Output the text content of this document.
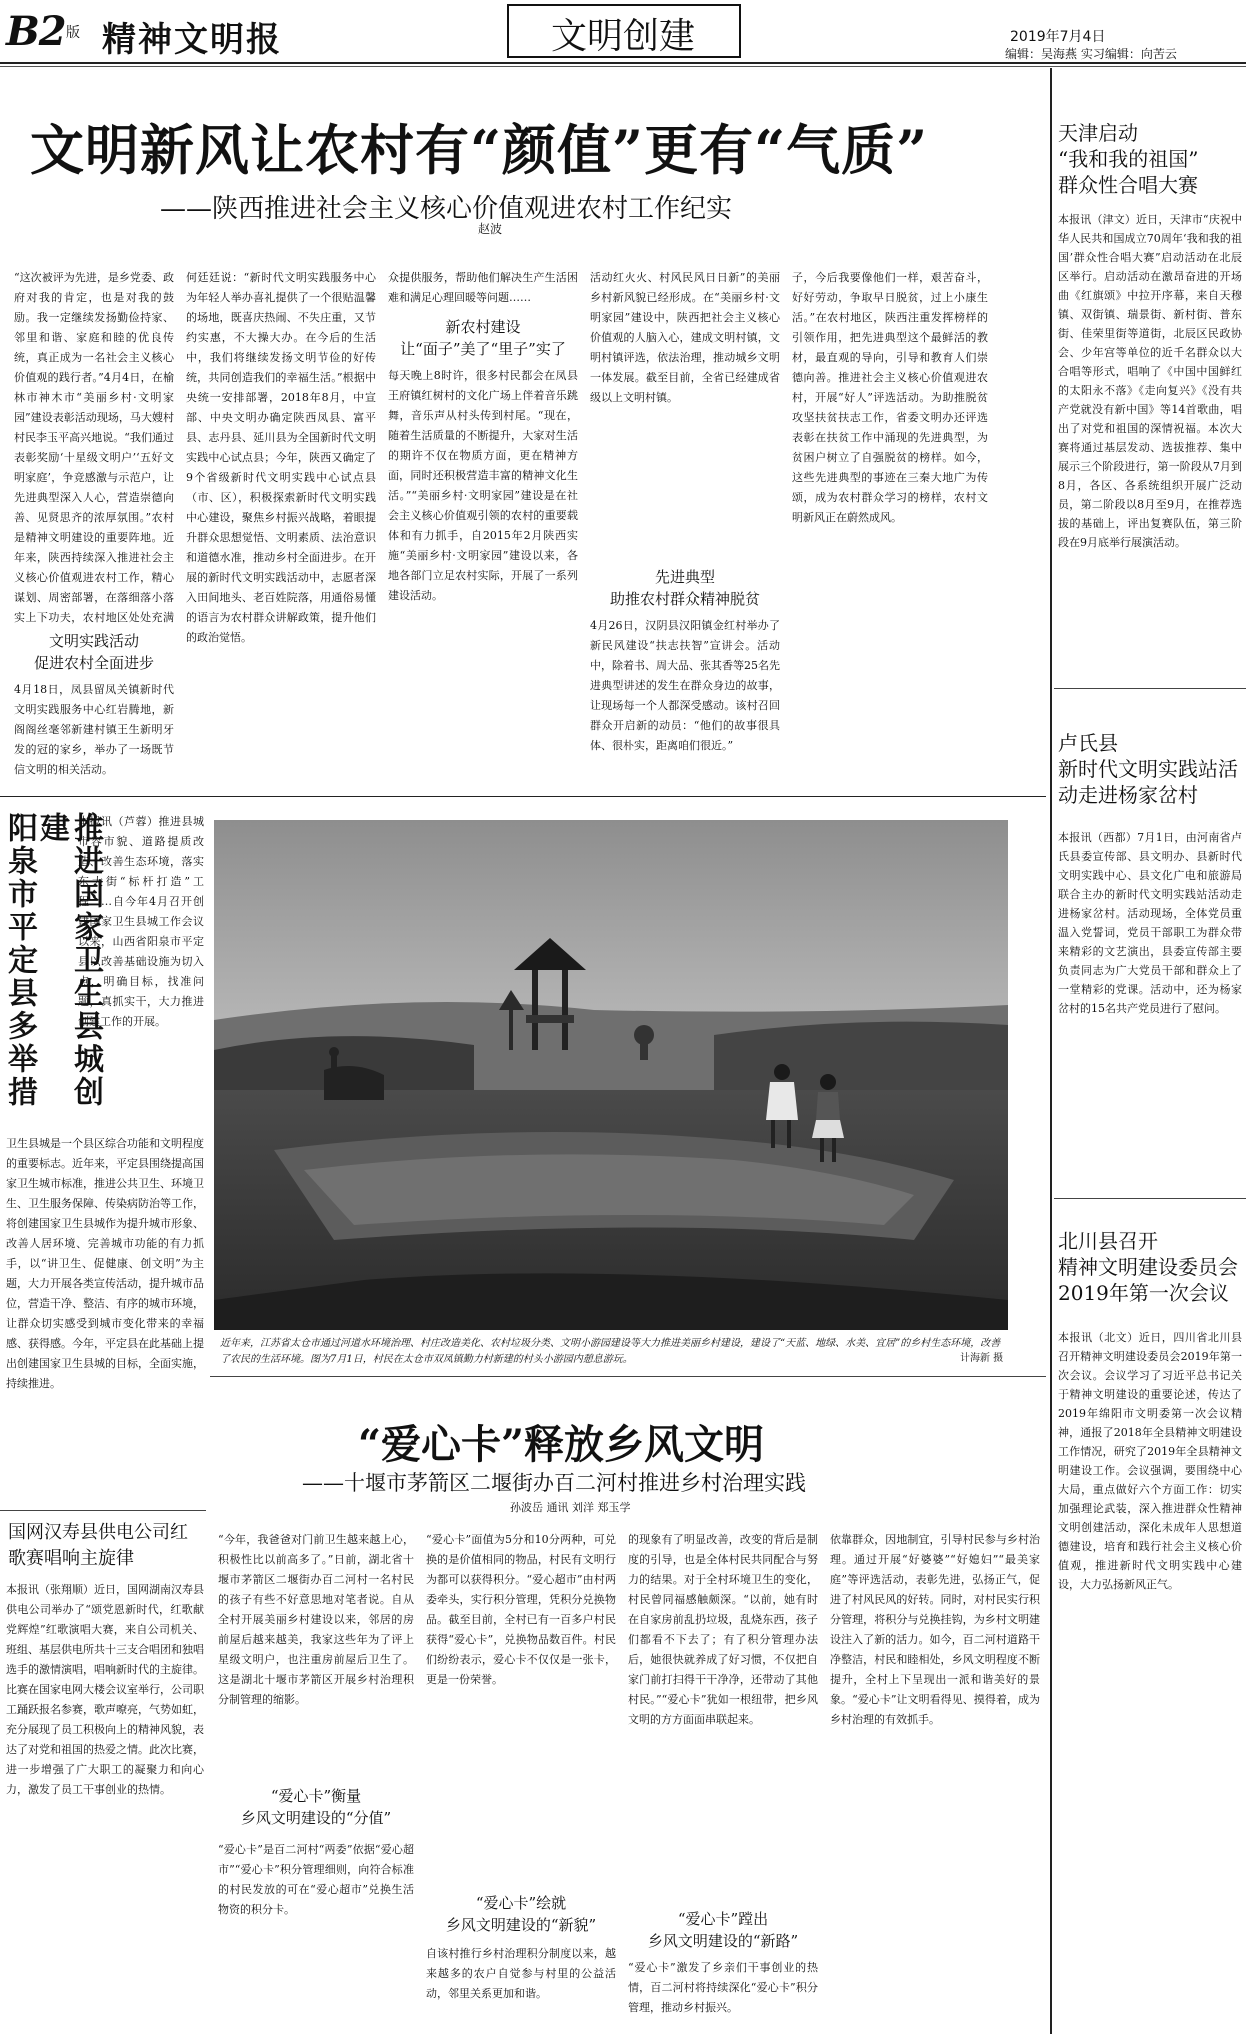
B2 版 精神文明报	文明创建	2019年7月4日
编辑：吴海燕 实习编辑：向苦云
文明新风让农村有“颜值”更有“气质”
——陕西推进社会主义核心价值观进农村工作纪实
赵波
“这次被评为先进，是乡党委、政府对我的肯定，也是对我的鼓励。我一定继续发扬勤俭持家、邻里和谐、家庭和睦的优良传统，真正成为一名社会主义核心价值观的践行者。”4月4日，在榆林市神木市“美丽乡村·文明家园”建设表彰活动现场，马大嫂村村民李玉平高兴地说。“我们通过表彰奖励‘十星级文明户’‘五好文明家庭’，争竞感激与示范户，让先进典型深入人心，营造崇德向善、见贤思齐的浓厚氛围。”农村是精神文明建设的重要阵地。近年来，陕西持续深入推进社会主义核心价值观进农村工作，精心谋划、周密部署，在落细落小落实上下功夫，农村地区处处充满
文明实践活动
促进农村全面进步
4月18日，凤县留凤关镇新时代文明实践服务中心红岩腾地，新阁阁丝毫邻新建村镇王生新明牙发的冠的家乡，举办了一场既节信文明的相关活动。
何廷廷说：“新时代文明实践服务中心为年轻人举办喜礼提供了一个很贴温馨的场地，既喜庆热闹、不失庄重，又节约实惠，不大操大办。在今后的生活中，我们将继续发扬文明节俭的好传统，共同创造我们的幸福生活。”根据中央统一安排部署，2018年8月，中宣部、中央文明办确定陕西凤县、富平县、志丹县、延川县为全国新时代文明实践中心试点县；今年，陕西又确定了9个省级新时代文明实践中心试点县（市、区），积极探索新时代文明实践中心建设，聚焦乡村振兴战略，着眼提升群众思想觉悟、文明素质、法治意识和道德水准，推动乡村全面进步。在开展的新时代文明实践活动中，志愿者深入田间地头、老百姓院落，用通俗易懂的语言为农村群众讲解政策，提升他们的政治觉悟。
众提供服务，帮助他们解决生产生活困难和满足心理回暖等问题……
新农村建设
让“面子”美了“里子”实了
每天晚上8时许，很多村民都会在凤县王府镇红树村的文化广场上伴着音乐跳舞，音乐声从村头传到村尾。“现在，随着生活质量的不断提升，大家对生活的期许不仅在物质方面，更在精神方面，同时还积极营造丰富的精神文化生活。”“美丽乡村·文明家园”建设是在社会主义核心价值观引领的农村的重要载体和有力抓手，自2015年2月陕西实施“美丽乡村·文明家园”建设以来，各地各部门立足农村实际，开展了一系列建设活动。
活动红火火、村风民风日日新”的美丽乡村新风貌已经形成。在“美丽乡村·文明家园”建设中，陕西把社会主义核心价值观的人脑入心，建成文明村镇，文明村镇评选，依法治理，推动城乡文明一体发展。截至目前，全省已经建成省级以上文明村镇。
先进典型
助推农村群众精神脱贫
4月26日，汉阴县汉阳镇金红村举办了新民风建设“扶志扶智”宣讲会。活动中，除着书、周大品、张其香等25名先进典型讲述的发生在群众身边的故事，让现场每一个人都深受感动。该村召回群众开启新的动员：“他们的故事很具体、很朴实，距离咱们很近。”
子，今后我要像他们一样，艰苦奋斗，好好劳动，争取早日脱贫，过上小康生活。”在农村地区，陕西注重发挥榜样的引领作用，把先进典型这个最鲜活的教材，最直观的导向，引导和教育人们崇德向善。推进社会主义核心价值观进农村，开展“好人”评选活动。为助推脱贫攻坚扶贫扶志工作，省委文明办还评选表彰在扶贫工作中涌现的先进典型，为贫困户树立了自强脱贫的榜样。如今，这些先进典型的事迹在三秦大地广为传颂，成为农村群众学习的榜样，农村文明新风正在蔚然成风。
推进国家卫生县城创建
阳泉市平定县多举措	本报讯（芦蓉）推进县城市容市貌、道路提质改造、改善生态环境，落实东大街“标杆打造”工程……自今年4月召开创建国家卫生县城工作会议以来，山西省阳泉市平定县以改善基础设施为切入点，明确目标，找准问题，真抓实干，大力推进创建工作的开展。
卫生县城是一个县区综合功能和文明程度的重要标志。近年来，平定县围绕提高国家卫生城市标准，推进公共卫生、环境卫生、卫生服务保障、传染病防治等工作，将创建国家卫生县城作为提升城市形象、改善人居环境、完善城市功能的有力抓手，以“讲卫生、促健康、创文明”为主题，大力开展各类宣传活动，提升城市品位，营造干净、整洁、有序的城市环境，让群众切实感受到城市变化带来的幸福感、获得感。今年，平定县在此基础上提出创建国家卫生县城的目标，全面实施，持续推进。
近年来，江苏省太仓市通过河道水环境治理、村庄改造美化、农村垃圾分类、文明小游园建设等大力推进美丽乡村建设，建设了“天蓝、地绿、水美、宜居”的乡村生态环境，改善了农民的生活环境。图为7月1日，村民在太仓市双凤镇勤力村新建的村头小游园内憩息游玩。	计海新 摄
“爱心卡”释放乡风文明
——十堰市茅箭区二堰街办百二河村推进乡村治理实践
孙波岳 通讯 刘洋 郑玉学
“今年，我爸爸对门前卫生越来越上心，积极性比以前高多了。”日前，湖北省十堰市茅箭区二堰街办百二河村一名村民的孩子有些不好意思地对笔者说。自从全村开展美丽乡村建设以来，邻居的房前屋后越来越美，我家这些年为了评上星级文明户，也注重房前屋后卫生了。这是湖北十堰市茅箭区开展乡村治理积分制管理的缩影。
“爱心卡”衡量
乡风文明建设的“分值”
“爱心卡”是百二河村“两委”依据“爱心超市”“爱心卡”积分管理细则，向符合标准的村民发放的可在“爱心超市”兑换生活物资的积分卡。
“爱心卡”面值为5分和10分两种，可兑换的是价值相同的物品，村民有文明行为都可以获得积分。“爱心超市”由村两委牵头，实行积分管理，凭积分兑换物品。截至目前，全村已有一百多户村民获得“爱心卡”，兑换物品数百件。村民们纷纷表示，爱心卡不仅仅是一张卡，更是一份荣誉。
“爱心卡”绘就
乡风文明建设的“新貌”
自该村推行乡村治理积分制度以来，越来越多的农户自觉参与村里的公益活动，邻里关系更加和谐。
的现象有了明显改善，改变的背后是制度的引导，也是全体村民共同配合与努力的结果。对于全村环境卫生的变化，村民曾同福感触颇深。“以前，她有时在自家房前乱扔垃圾，乱烧东西，孩子们都看不下去了；有了积分管理办法后，她很快就养成了好习惯，不仅把自家门前打扫得干干净净，还带动了其他村民。”“爱心卡”犹如一根纽带，把乡风文明的方方面面串联起来。
“爱心卡”蹚出
乡风文明建设的“新路”
“爱心卡”激发了乡亲们干事创业的热情，百二河村将持续深化“爱心卡”积分管理，推动乡村振兴。
依靠群众，因地制宜，引导村民参与乡村治理。通过开展“好婆婆”“好媳妇”“最美家庭”等评选活动，表彰先进，弘扬正气，促进了村风民风的好转。同时，对村民实行积分管理，将积分与兑换挂钩，为乡村文明建设注入了新的活力。如今，百二河村道路干净整洁，村民和睦相处，乡风文明程度不断提升，全村上下呈现出一派和谐美好的景象。“爱心卡”让文明看得见、摸得着，成为乡村治理的有效抓手。
国网汉寿县供电公司红歌赛唱响主旋律
本报讯（张翔顺）近日，国网湖南汉寿县供电公司举办了“颂党恩新时代，红歌献党辉煌”红歌演唱大赛，来自公司机关、班组、基层供电所共十三支合唱团和独唱选手的激情演唱，唱响新时代的主旋律。比赛在国家电网大楼会议室举行，公司职工踊跃报名参赛，歌声嘹亮，气势如虹，充分展现了员工积极向上的精神风貌，表达了对党和祖国的热爱之情。此次比赛，进一步增强了广大职工的凝聚力和向心力，激发了员工干事创业的热情。
天津启动
“我和我的祖国”
群众性合唱大赛
本报讯（津文）近日，天津市“庆祝中华人民共和国成立70周年‘我和我的祖国’群众性合唱大赛”启动活动在北辰区举行。启动活动在激昂奋进的开场曲《红旗颂》中拉开序幕，来自天穆镇、双街镇、瑞景街、新村街、普东街、佳荣里街等道街，北辰区民政协会、少年宫等单位的近千名群众以大合唱等形式，唱响了《中国中国鲜红的太阳永不落》《走向复兴》《没有共产党就没有新中国》等14首歌曲，唱出了对党和祖国的深情祝福。本次大赛将通过基层发动、选拔推荐、集中展示三个阶段进行，第一阶段从7月到8月，各区、各系统组织开展广泛动员，第二阶段以8月至9月，在推荐选拔的基础上，评出复赛队伍，第三阶段在9月底举行展演活动。
卢氏县
新时代文明实践站活
动走进杨家岔村
本报讯（西都）7月1日，由河南省卢氏县委宣传部、县文明办、县新时代文明实践中心、县文化广电和旅游局联合主办的新时代文明实践站活动走进杨家岔村。活动现场，全体党员重温入党誓词，党员干部职工为群众带来精彩的文艺演出，县委宣传部主要负责同志为广大党员干部和群众上了一堂精彩的党课。活动中，还为杨家岔村的15名共产党员进行了慰问。
北川县召开
精神文明建设委员会
2019年第一次会议
本报讯（北文）近日，四川省北川县召开精神文明建设委员会2019年第一次会议。会议学习了习近平总书记关于精神文明建设的重要论述，传达了2019年绵阳市文明委第一次会议精神，通报了2018年全县精神文明建设工作情况，研究了2019年全县精神文明建设工作。会议强调，要围绕中心大局，重点做好六个方面工作：切实加强理论武装，深入推进群众性精神文明创建活动，深化未成年人思想道德建设，培育和践行社会主义核心价值观，推进新时代文明实践中心建设，大力弘扬新风正气。
